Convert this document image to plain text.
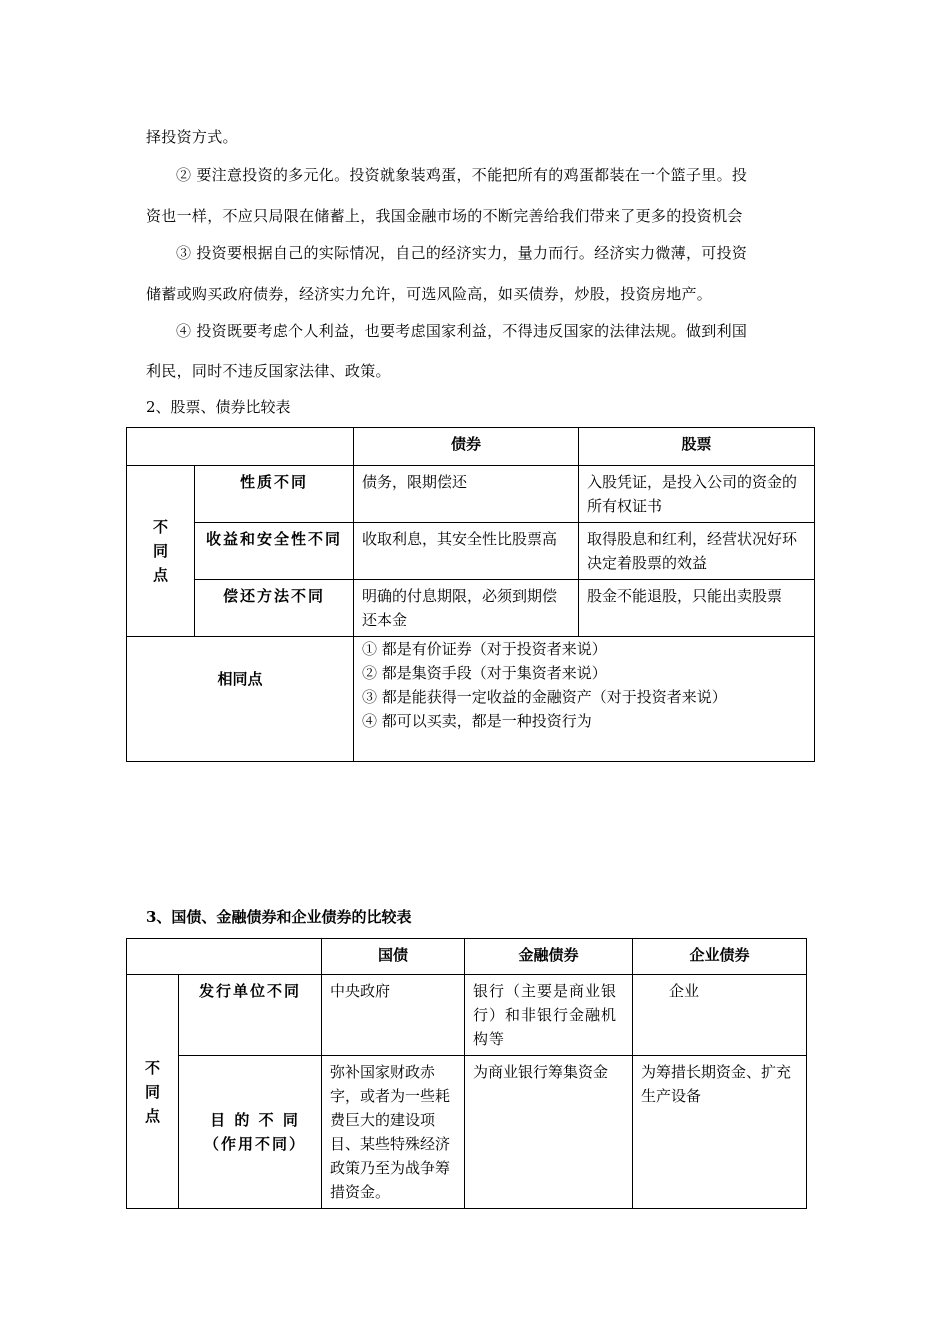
择投资方式。
② 要注意投资的多元化。投资就象装鸡蛋，不能把所有的鸡蛋都装在一个篮子里。投
资也一样，不应只局限在储蓄上，我国金融市场的不断完善给我们带来了更多的投资机会
③ 投资要根据自己的实际情况，自己的经济实力，量力而行。经济实力微薄，可投资
储蓄或购买政府债券，经济实力允许，可选风险高，如买债券，炒股，投资房地产。
④ 投资既要考虑个人利益，也要考虑国家利益，不得违反国家的法律法规。做到利国
利民，同时不违反国家法律、政策。
2、股票、债券比较表
		债券	股票
不
同
点	性质不同	债务，限期偿还	入股凭证，是投入公司的资金的所有权证书
	收益和安全性不同	收取利息，其安全性比股票高	取得股息和红利，经营状况好环决定着股票的效益
	偿还方法不同	明确的付息期限，必须到期偿还本金	股金不能退股，只能出卖股票
相同点		① 都是有价证券（对于投资者来说）
② 都是集资手段（对于集资者来说）
③ 都是能获得一定收益的金融资产（对于投资者来说）
④ 都可以买卖，都是一种投资行为	
3、国债、金融债券和企业债券的比较表
		国债	金融债券	企业债券
不
同
点	发行单位不同	中央政府	银行（主要是商业银行）和非银行金融机构等	企业
	目 的 不 同（作用不同）	弥补国家财政赤字，或者为一些耗费巨大的建设项目、某些特殊经济政策乃至为战争筹措资金。	为商业银行筹集资金	为筹措长期资金、扩充生产设备
